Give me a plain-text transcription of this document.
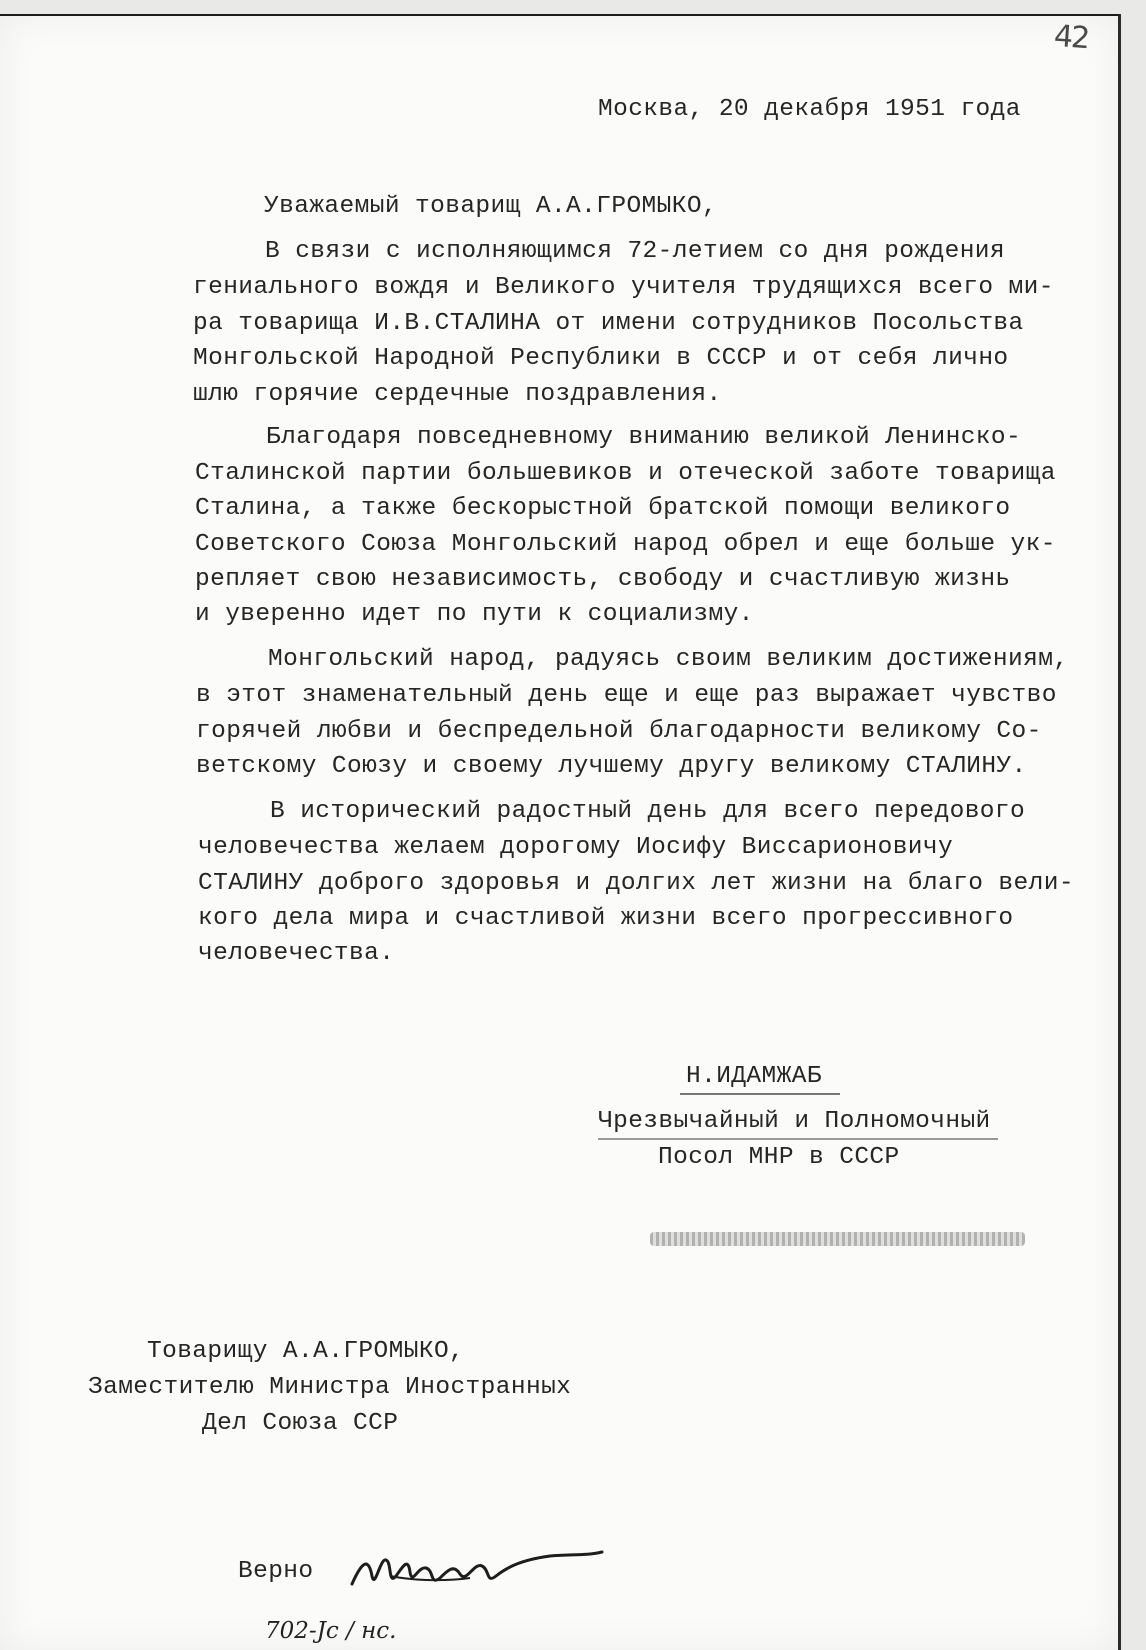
42
Москва, 20 декабря 1951 года
Уважаемый товарищ А.А.ГРОМЫКО,
В связи с исполняющимся 72-летием со дня рождения
гениального вождя и Великого учителя трудящихся всего ми-
ра товарища И.В.СТАЛИНА от имени сотрудников Посольства
Монгольской Народной Республики в СССР и от себя лично
шлю горячие сердечные поздравления.
Благодаря повседневному вниманию великой Ленинско-
Сталинской партии большевиков и отеческой заботе товарища
Сталина, а также бескорыстной братской помощи великого
Советского Союза Монгольский народ обрел и еще больше ук-
репляет свою независимость, свободу и счастливую жизнь
и уверенно идет по пути к социализму.
Монгольский народ, радуясь своим великим достижениям,
в этот знаменательный день еще и еще раз выражает чувство
горячей любви и беспредельной благодарности великому Со-
ветскому Союзу и своему лучшему другу великому СТАЛИНУ.
В исторический радостный день для всего передового
человечества желаем дорогому Иосифу Виссарионовичу
СТАЛИНУ доброго здоровья и долгих лет жизни на благо вели-
кого дела мира и счастливой жизни всего прогрессивного
человечества.
Н.ИДАМЖАБ
Чрезвычайный и Полномочный
Посол МНР в СССР
Товарищу А.А.ГРОМЫКО,
Заместителю Министра Иностранных
Дел Союза ССР
Верно
702-Jc / нс.
